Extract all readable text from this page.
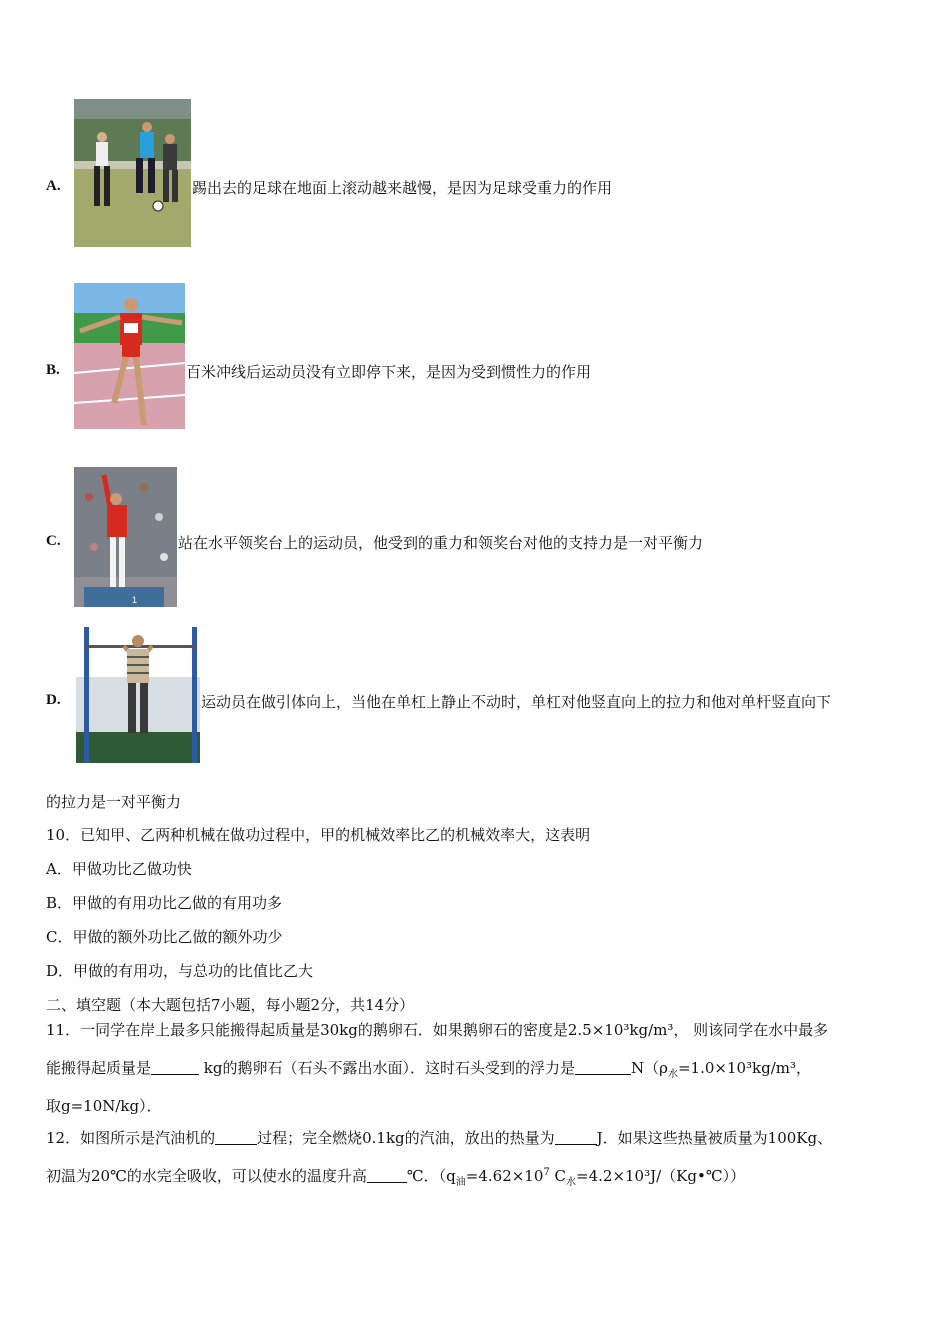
A.	踢出去的足球在地面上滚动越来越慢，是因为足球受重力的作用
B.	百米冲线后运动员没有立即停下来，是因为受到惯性力的作用
C.
1
站在水平领奖台上的运动员，他受到的重力和领奖台对他的支持力是一对平衡力
D.	运动员在做引体向上，当他在单杠上静止不动时，单杠对他竖直向上的拉力和他对单杆竖直向下
的拉力是一对平衡力
10．已知甲、乙两种机械在做功过程中，甲的机械效率比乙的机械效率大，这表明
A．甲做功比乙做功快
B．甲做的有用功比乙做的有用功多
C．甲做的额外功比乙做的额外功少
D．甲做的有用功，与总功的比值比乙大
二、填空题（本大题包括7小题，每小题2分，共14分）
11．一同学在岸上最多只能搬得起质量是30kg的鹅卵石．如果鹅卵石的密度是2.5×10³kg/m³， 则该同学在水中最多
能搬得起质量是	kg的鹅卵石（石头不露出水面）．这时石头受到的浮力是	$N(\rho_水=1.0\times 10^3kg/m^3$，
取g=10N/kg）．
12．如图所示是汽油机的	过程；完全燃烧0.1kg的汽油，放出的热量为	J．如果这些热量被质量为100Kg、
初温为20℃的水完全吸收，可以使水的温度升高	℃．（$q_油=4.62\times 10^7$ $C_水=4.2\times 10^3J/(Kg•℃)$）
